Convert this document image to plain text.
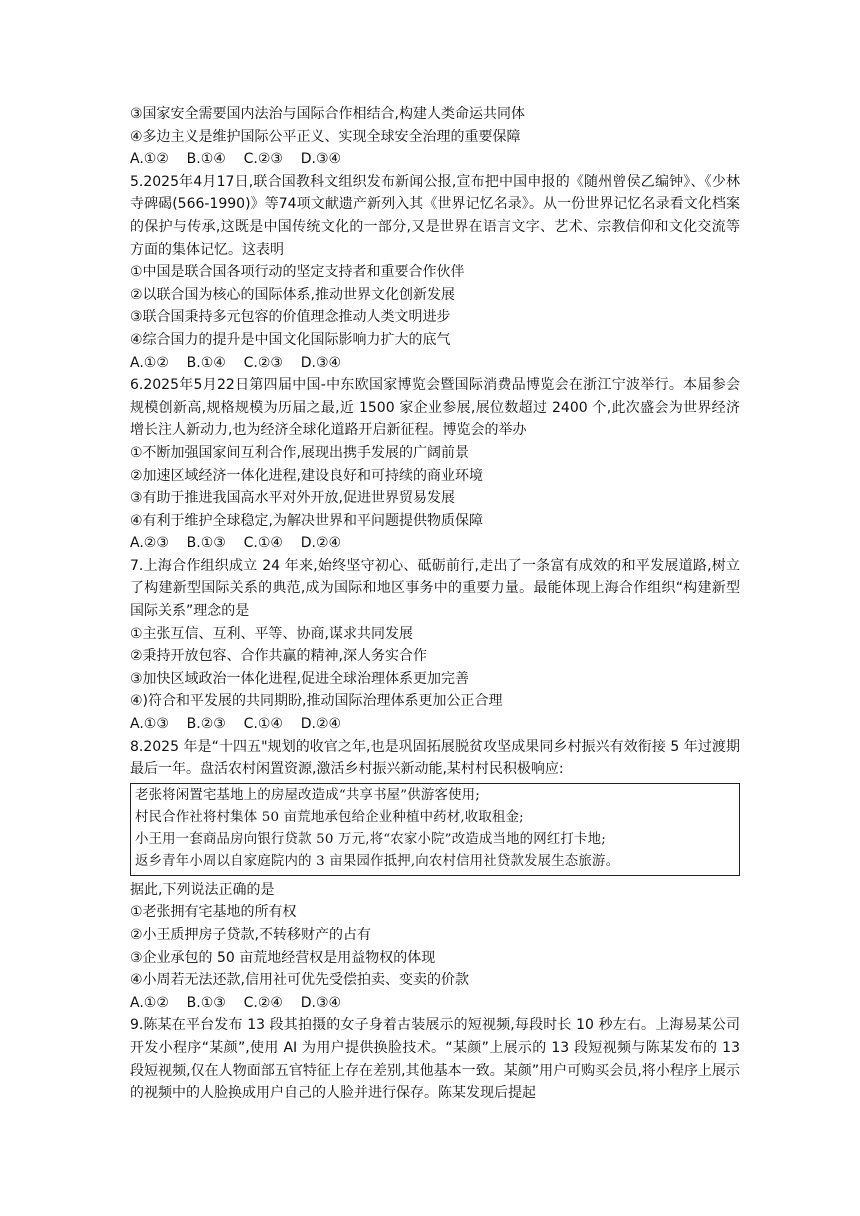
③国家安全需要国内法治与国际合作相结合,构建人类命运共同体
④多边主义是维护国际公平正义、实现全球安全治理的重要保障
A.①②    B.①④    C.②③    D.③④
5.2025年4月17日,联合国教科文组织发布新闻公报,宣布把中国申报的《随州曾侯乙编钟》、《少林寺碑碣(566-1990)》等74项文献遗产新列入其《世界记忆名录》。从一份世界记忆名录看文化档案的保护与传承,这既是中国传统文化的一部分,又是世界在语言文字、艺术、宗教信仰和文化交流等方面的集体记忆。这表明
①中国是联合国各项行动的坚定支持者和重要合作伙伴
②以联合国为核心的国际体系,推动世界文化创新发展
③联合国秉持多元包容的价值理念推动人类文明进步
④综合国力的提升是中国文化国际影响力扩大的底气
A.①②    B.①④    C.②③    D.③④
6.2025年5月22日第四届中国-中东欧国家博览会暨国际消费品博览会在浙江宁波举行。本届参会规模创新高,规格规模为历届之最,近 1500 家企业参展,展位数超过 2400 个,此次盛会为世界经济增长注人新动力,也为经济全球化道路开启新征程。博览会的举办
①不断加强国家间互利合作,展现出携手发展的广阔前景
②加速区域经济一体化进程,建设良好和可持续的商业环境
③有助于推进我国高水平对外开放,促进世界贸易发展
④有利于维护全球稳定,为解决世界和平问题提供物质保障
A.②③    B.①③    C.①④    D.②④
7.上海合作组织成立 24 年来,始终坚守初心、砥砺前行,走出了一条富有成效的和平发展道路,树立了构建新型国际关系的典范,成为国际和地区事务中的重要力量。最能体现上海合作组织“构建新型国际关系”理念的是
①主张互信、互利、平等、协商,谋求共同发展
②秉持开放包容、合作共赢的精神,深人务实合作
③加快区域政治一体化进程,促进全球治理体系更加完善
④)符合和平发展的共同期盼,推动国际治理体系更加公正合理
A.①③    B.②③    C.①④    D.②④
8.2025 年是“十四五"规划的收官之年,也是巩固拓展脱贫攻坚成果同乡村振兴有效衔接 5 年过渡期最后一年。盘活农村闲置资源,激活乡村振兴新动能,某村村民积极响应:
老张将闲置宅基地上的房屋改造成“共享书屋”供游客使用;
村民合作社将村集体 50 亩荒地承包给企业种植中药材,收取租金;
小王用一套商品房向银行贷款 50 万元,将“农家小院”改造成当地的网红打卡地;
返乡青年小周以自家庭院内的 3 亩果园作抵押,向农村信用社贷款发展生态旅游。
据此,下列说法正确的是
①老张拥有宅基地的所有权
②小王质押房子贷款,不转移财产的占有
③企业承包的 50 亩荒地经营权是用益物权的体现
④小周若无法还款,信用社可优先受偿拍卖、变卖的价款
A.①②    B.①③    C.②④    D.③④
9.陈某在平台发布 13 段其拍摄的女子身着古装展示的短视频,每段时长 10 秒左右。上海易某公司开发小程序“某颜”,使用 AI 为用户提供换脸技术。“某颜”上展示的 13 段短视频与陈某发布的 13 段短视频,仅在人物面部五官特征上存在差别,其他基本一致。某颜”用户可购买会员,将小程序上展示的视频中的人脸换成用户自己的人脸并进行保存。陈某发现后提起
